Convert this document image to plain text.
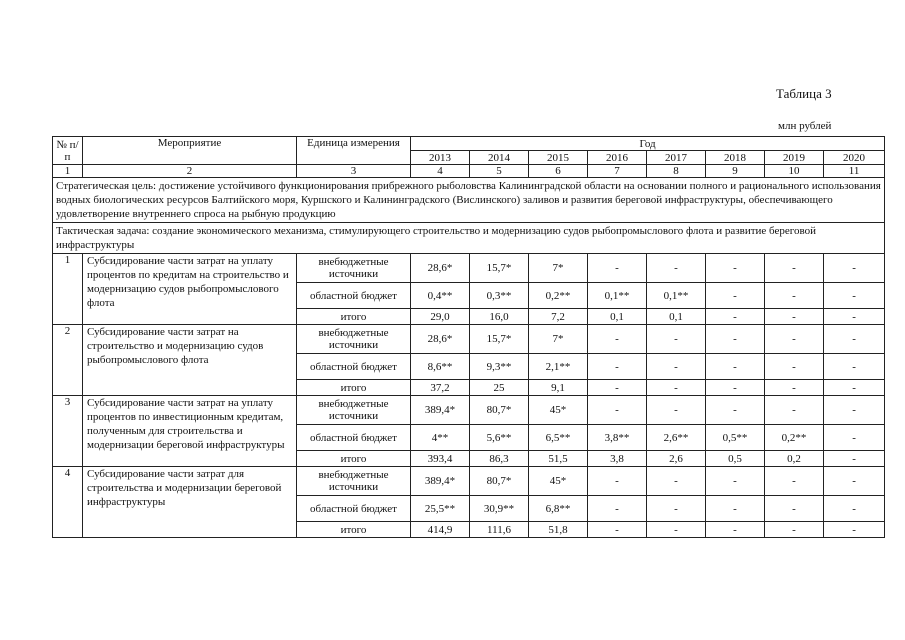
Таблица 3
млн рублей
№ п/п	Мероприятие	Единица измерения	Год							
			2013	2014	2015	2016	2017	2018	2019	2020
1	2	3	4	5	6	7	8	9	10	11
Стратегическая цель: достижение устойчивого функционирования прибрежного рыболовства Калининградской области на основании полного и рационального использования водных биологических ресурсов Балтийского моря, Куршского и Калининградского (Вислинского) заливов и развития береговой инфраструктуры, обеспечивающего удовлетворение внутреннего спроса на рыбную продукцию										
Тактическая задача: создание экономического механизма, стимулирующего строительство и модернизацию судов рыбопромыслового флота и развитие береговой инфраструктуры										
1	Субсидирование части затрат на уплату процентов по кредитам на строительство и модернизацию судов рыбопромыслового флота	внебюджетные источники	28,6*	15,7*	7*	-	-	-	-	-
		областной бюджет	0,4**	0,3**	0,2**	0,1**	0,1**	-	-	-
		итого	29,0	16,0	7,2	0,1	0,1	-	-	-
2	Субсидирование части затрат на строительство и модернизацию судов рыбопромыслового флота	внебюджетные источники	28,6*	15,7*	7*	-	-	-	-	-
		областной бюджет	8,6**	9,3**	2,1**	-	-	-	-	-
		итого	37,2	25	9,1	-	-	-	-	-
3	Субсидирование части затрат на уплату процентов по инвестиционным кредитам, полученным для строительства и модернизации береговой инфраструктуры	внебюджетные источники	389,4*	80,7*	45*	-	-	-	-	-
		областной бюджет	4**	5,6**	6,5**	3,8**	2,6**	0,5**	0,2**	-
		итого	393,4	86,3	51,5	3,8	2,6	0,5	0,2	-
4	Субсидирование части затрат для строительства и модернизации береговой инфраструктуры	внебюджетные источники	389,4*	80,7*	45*	-	-	-	-	-
		областной бюджет	25,5**	30,9**	6,8**	-	-	-	-	-
		итого	414,9	111,6	51,8	-	-	-	-	-
